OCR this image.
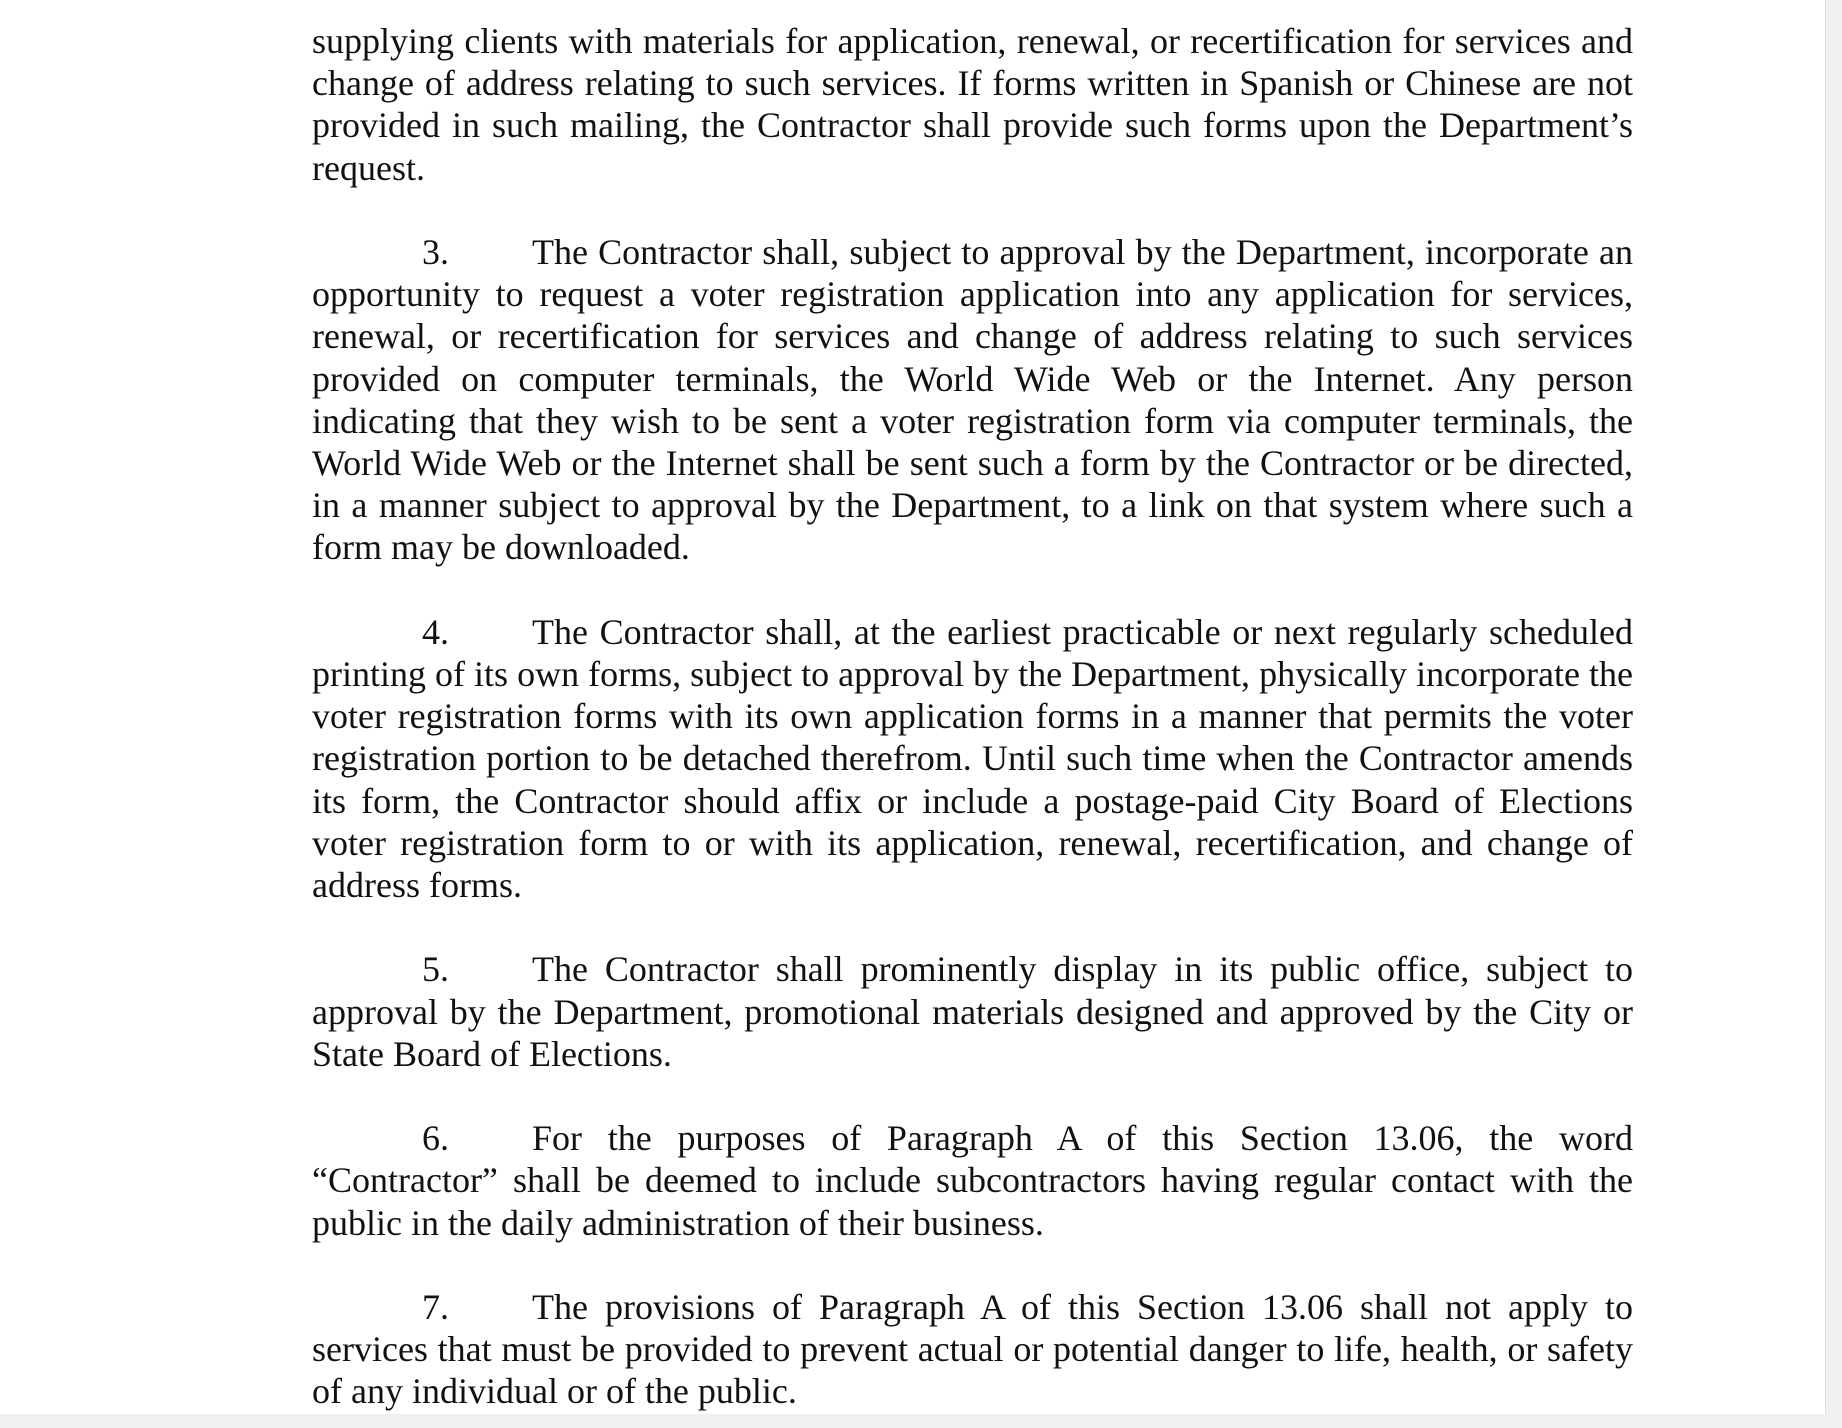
supplying clients with materials for application, renewal, or recertification for services and change of address relating to such services. If forms written in Spanish or Chinese are not provided in such mailing, the Contractor shall provide such forms upon the Department’s request.

3. The Contractor shall, subject to approval by the Department, incorporate an opportunity to request a voter registration application into any application for services, renewal, or recertification for services and change of address relating to such services provided on computer terminals, the World Wide Web or the Internet. Any person indicating that they wish to be sent a voter registration form via computer terminals, the World Wide Web or the Internet shall be sent such a form by the Contractor or be directed, in a manner subject to approval by the Department, to a link on that system where such a form may be downloaded.

4. The Contractor shall, at the earliest practicable or next regularly scheduled printing of its own forms, subject to approval by the Department, physically incorporate the voter registration forms with its own application forms in a manner that permits the voter registration portion to be detached therefrom. Until such time when the Contractor amends its form, the Contractor should affix or include a postage-paid City Board of Elections voter registration form to or with its application, renewal, recertification, and change of address forms.

5. The Contractor shall prominently display in its public office, subject to approval by the Department, promotional materials designed and approved by the City or State Board of Elections.

6. For the purposes of Paragraph A of this Section 13.06, the word “Contractor” shall be deemed to include subcontractors having regular contact with the public in the daily administration of their business.

7. The provisions of Paragraph A of this Section 13.06 shall not apply to services that must be provided to prevent actual or potential danger to life, health, or safety of any individual or of the public.
